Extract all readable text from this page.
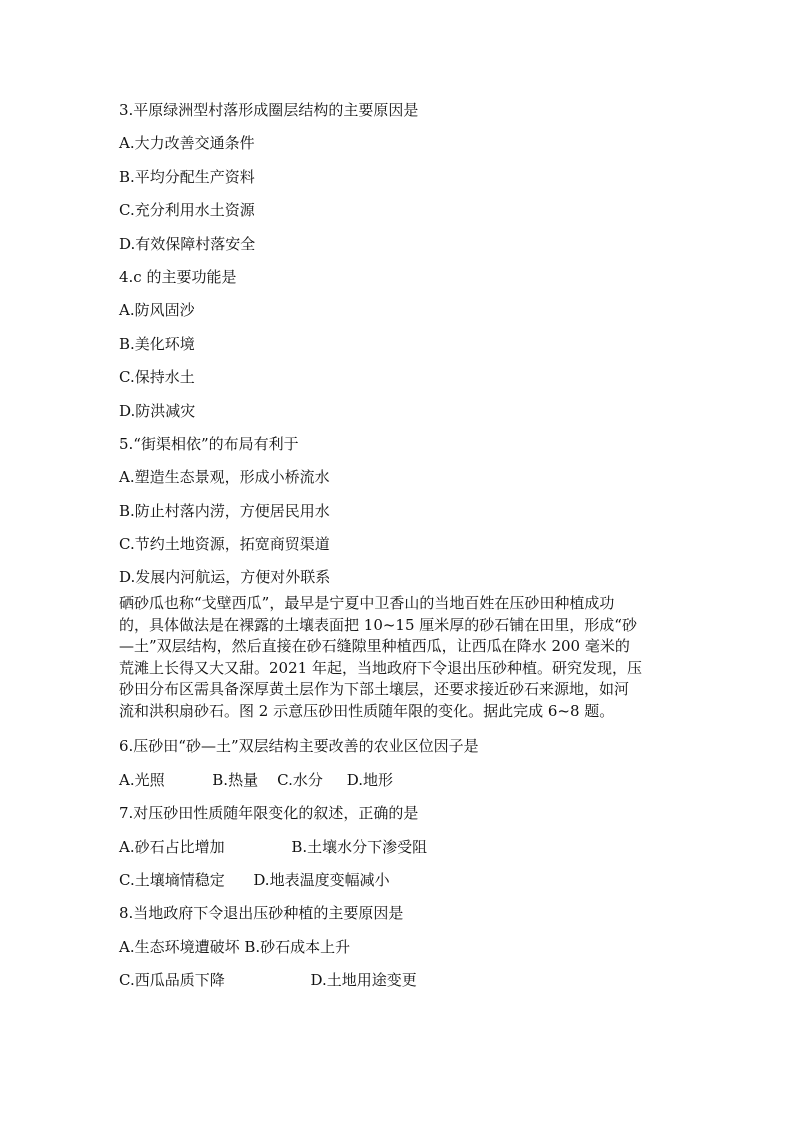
3.平原绿洲型村落形成圈层结构的主要原因是
A.大力改善交通条件
B.平均分配生产资料
C.充分利用水土资源
D.有效保障村落安全
4.c 的主要功能是
A.防风固沙
B.美化环境
C.保持水土
D.防洪减灾
5.“街渠相依”的布局有利于
A.塑造生态景观，形成小桥流水
B.防止村落内涝，方便居民用水
C.节约土地资源，拓宽商贸渠道
D.发展内河航运，方便对外联系
硒砂瓜也称“戈壁西瓜”，最早是宁夏中卫香山的当地百姓在压砂田种植成功
的，具体做法是在裸露的土壤表面把 10~15 厘米厚的砂石铺在田里，形成“砂
—土”双层结构，然后直接在砂石缝隙里种植西瓜，让西瓜在降水 200 毫米的
荒滩上长得又大又甜。2021 年起，当地政府下令退出压砂种植。研究发现，压
砂田分布区需具备深厚黄土层作为下部土壤层，还要求接近砂石来源地，如河
流和洪积扇砂石。图 2 示意压砂田性质随年限的变化。据此完成 6~8 题。
6.压砂田“砂—土”双层结构主要改善的农业区位因子是
A.光照          B.热量    C.水分     D.地形
7.对压砂田性质随年限变化的叙述，正确的是
A.砂石占比增加              B.土壤水分下渗受阻
C.土壤墒情稳定      D.地表温度变幅减小
8.当地政府下令退出压砂种植的主要原因是
A.生态环境遭破坏 B.砂石成本上升
C.西瓜品质下降                  D.土地用途变更
